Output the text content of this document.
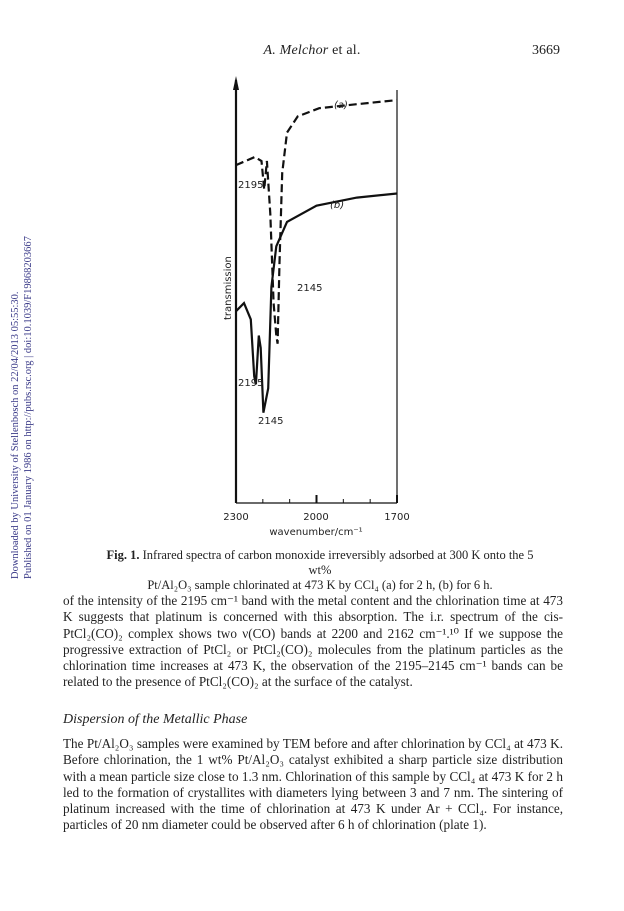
A. Melchor et al.	3669
Downloaded by University of Stellenbosch on 22/04/2013 05:55:30. Published on 01 January 1986 on http://pubs.rsc.org | doi:10.1039/F19868203667
(a)
(b)
2195
2145
2195
2145
transmission
2300	2000	1700
wavenumber/cm⁻¹
Fig. 1. Infrared spectra of carbon monoxide irreversibly adsorbed at 300 K onto the 5 wt%
Pt/Al₂O₃ sample chlorinated at 473 K by CCl₄ (a) for 2 h, (b) for 6 h.
of the intensity of the 2195 cm⁻¹ band with the metal content and the chlorination time at 473 K suggests that platinum is concerned with this absorption. The i.r. spectrum of the cis-PtCl₂(CO)₂ complex shows two ν(CO) bands at 2200 and 2162 cm⁻¹.¹⁰ If we suppose the progressive extraction of PtCl₂ or PtCl₂(CO)₂ molecules from the platinum particles as the chlorination time increases at 473 K, the observation of the 2195–2145 cm⁻¹ bands can be related to the presence of PtCl₂(CO)₂ at the surface of the catalyst.
Dispersion of the Metallic Phase
The Pt/Al₂O₃ samples were examined by TEM before and after chlorination by CCl₄ at 473 K. Before chlorination, the 1 wt% Pt/Al₂O₃ catalyst exhibited a sharp particle size distribution with a mean particle size close to 1.3 nm. Chlorination of this sample by CCl₄ at 473 K for 2 h led to the formation of crystallites with diameters lying between 3 and 7 nm. The sintering of platinum increased with the time of chlorination at 473 K under Ar + CCl₄. For instance, particles of 20 nm diameter could be observed after 6 h of chlorination (plate 1).
